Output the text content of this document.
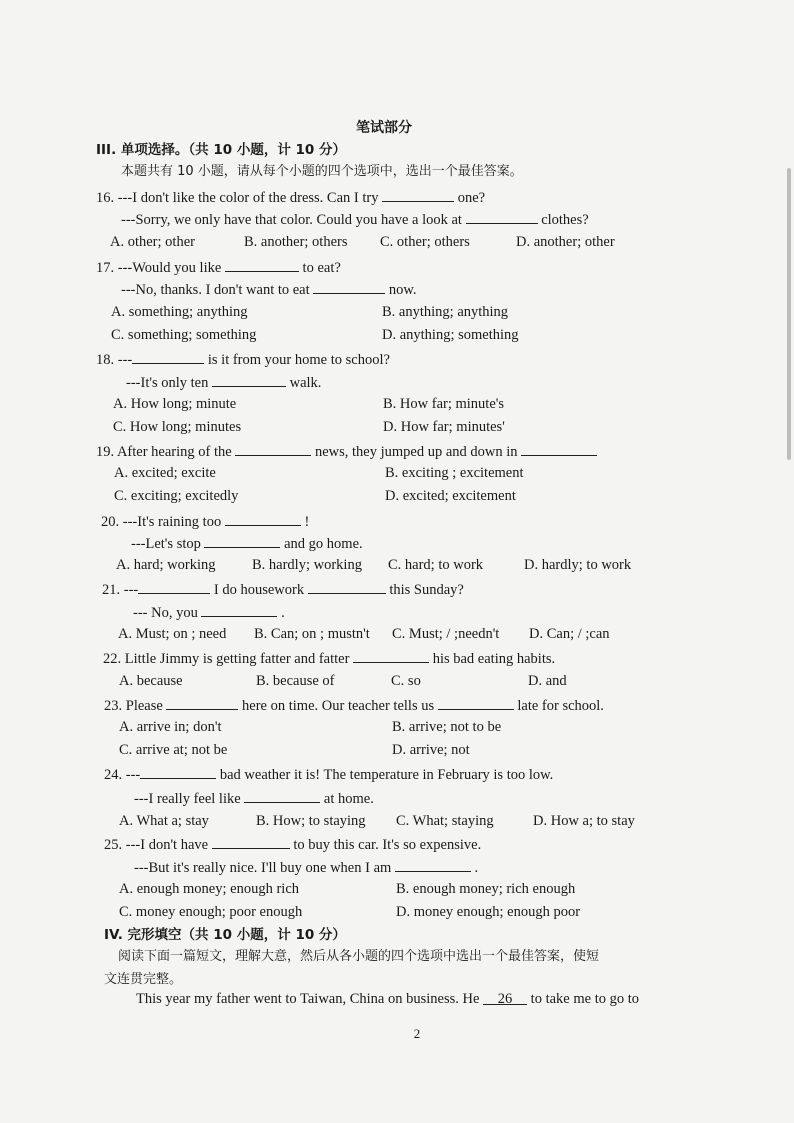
笔试部分
III. 单项选择。（共 10 小题，计 10 分）
本题共有 10 小题，请从每个小题的四个选项中，选出一个最佳答案。
16. ---I don't like the color of the dress. Can I try	one?
---Sorry, we only have that color. Could you have a look at	clothes?
A. other; other	B. another; others C. other; others	D. another; other
17. ---Would you like	to eat?
---No, thanks. I don't want to eat	now.
A. something; anything	B. anything; anything
C. something; something	D. anything; something
18. ---	is it from your home to school?
---It's only ten	walk.
A. How long; minute	B. How far; minute's
C. How long; minutes	D. How far; minutes'
19. After hearing of the	news, they jumped up and down in
A. excited; excite	B. exciting ; excitement
C. exciting; excitedly	D. excited; excitement
20. ---It's raining too	!
---Let's stop	and go home.
A. hard; working	B. hardly; working C. hard; to work	D. hardly; to work
21. ---	I do housework	this Sunday?
--- No, you	.
A. Must; on ; need B. Can; on ; mustn't C. Must; / ;needn't D. Can; / ;can
22. Little Jimmy is getting fatter and fatter	his bad eating habits.
A. because	B. because of	C. so	D. and
23. Please	here on time. Our teacher tells us	late for school.
A. arrive in; don't	B. arrive; not to be
C. arrive at; not be	D. arrive; not
24. ---	bad weather it is! The temperature in February is too low.
---I really feel like	at home.
A. What a; stay	B. How; to staying C. What; staying	D. How a; to stay
25. ---I don't have	to buy this car. It's so expensive.
---But it's really nice. I'll buy one when I am	.
A. enough money; enough rich	B. enough money; rich enough
C. money enough; poor enough	D. money enough; enough poor
IV. 完形填空（共 10 小题，计 10 分）
阅读下面一篇短文，理解大意，然后从各小题的四个选项中选出一个最佳答案，使短
文连贯完整。
This year my father went to Taiwan, China on business. He 26 to take me to go to
2
